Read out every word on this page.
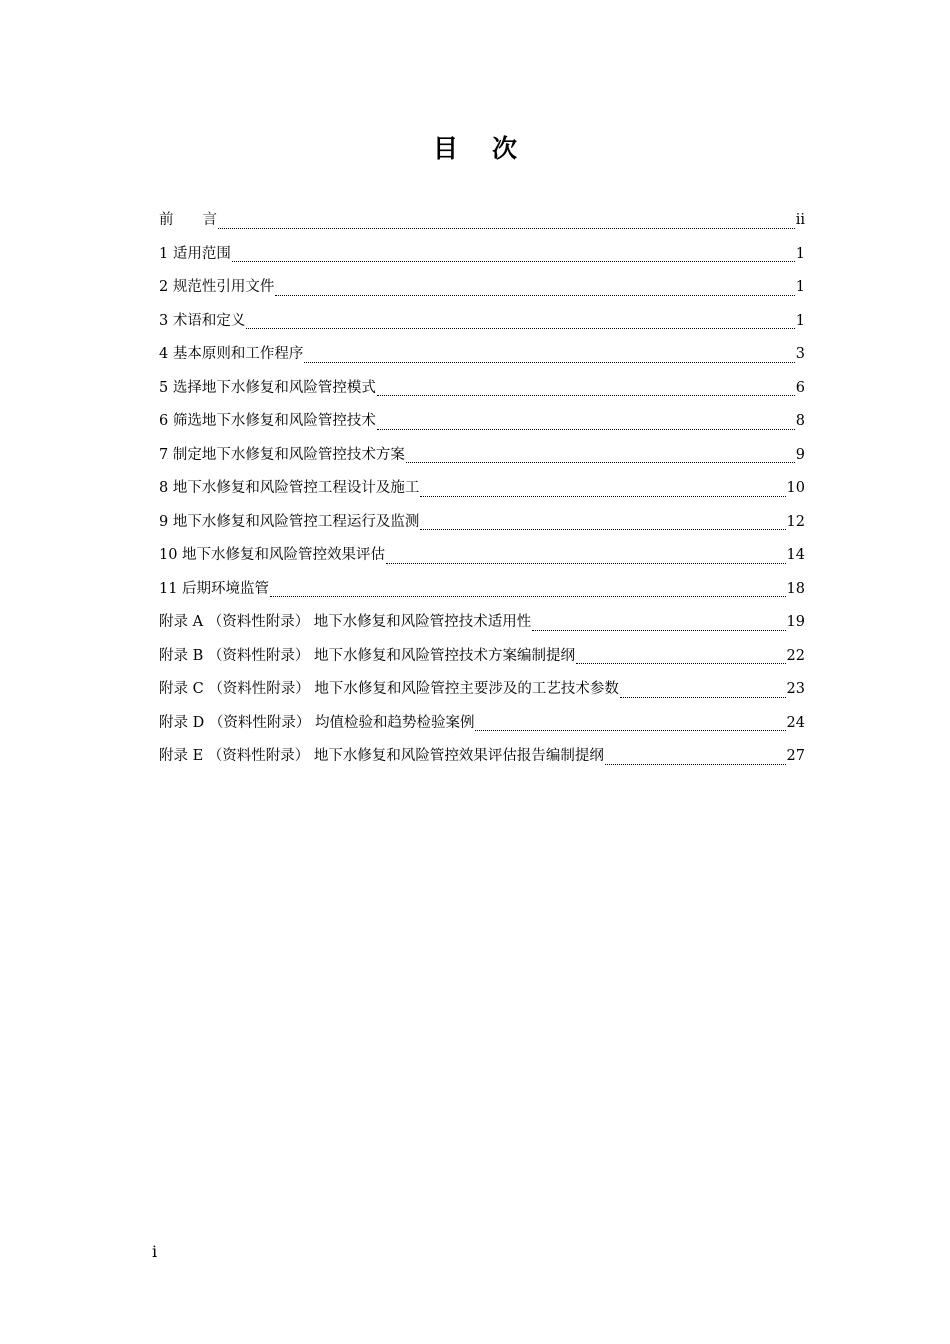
目次
前　　言	ii
1 适用范围	1
2 规范性引用文件	1
3 术语和定义	1
4 基本原则和工作程序	3
5 选择地下水修复和风险管控模式	6
6 筛选地下水修复和风险管控技术	8
7 制定地下水修复和风险管控技术方案	9
8 地下水修复和风险管控工程设计及施工	10
9 地下水修复和风险管控工程运行及监测	12
10 地下水修复和风险管控效果评估	14
11 后期环境监管	18
附录 A （资料性附录） 地下水修复和风险管控技术适用性	19
附录 B （资料性附录） 地下水修复和风险管控技术方案编制提纲	22
附录 C （资料性附录） 地下水修复和风险管控主要涉及的工艺技术参数	23
附录 D （资料性附录） 均值检验和趋势检验案例	24
附录 E （资料性附录） 地下水修复和风险管控效果评估报告编制提纲	27
i
